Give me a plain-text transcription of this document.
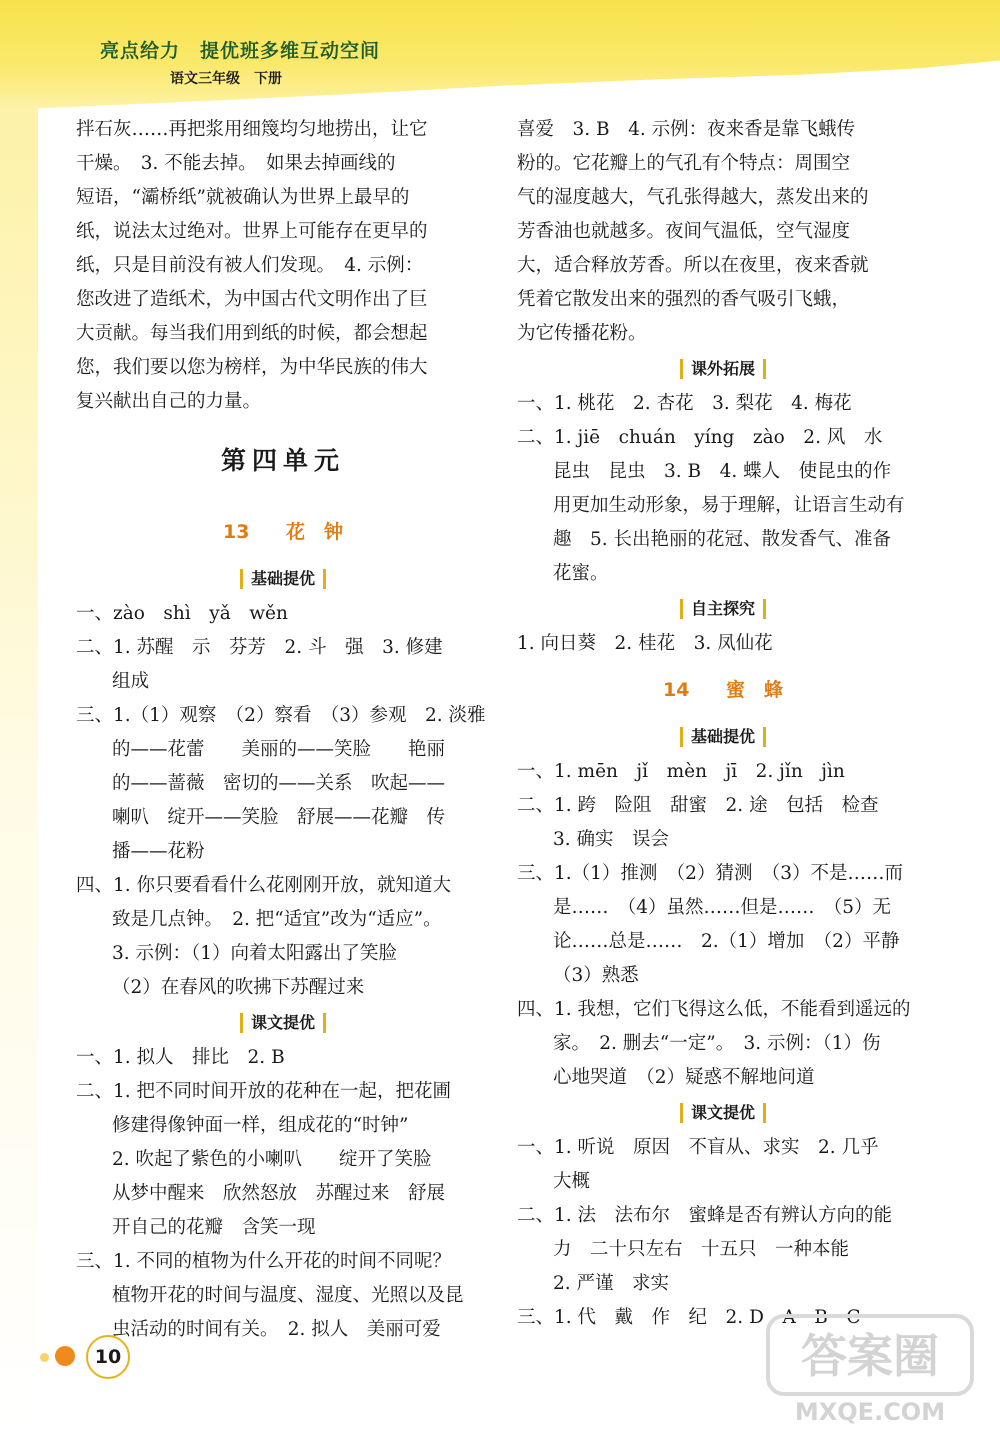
亮点给力　提优班多维互动空间
语文三年级　下册
拌石灰……再把浆用细篾均匀地捞出，让它
干燥。　3. 不能去掉。　如果去掉画线的
短语，“灞桥纸”就被确认为世界上最早的
纸，说法太过绝对。世界上可能存在更早的
纸，只是目前没有被人们发现。　4. 示例：
您改进了造纸术，为中国古代文明作出了巨
大贡献。每当我们用到纸的时候，都会想起
您，我们要以您为榜样，为中华民族的伟大
复兴献出自己的力量。
第四单元
13 花　钟
基础提优
一、zào　shì　yǎ　wěn
二、1. 苏醒　示　芬芳　2. 斗　强　3. 修建
组成
三、1.（1）观察　（2）察看　（3）参观　2. 淡雅
的——花蕾　　美丽的——笑脸　　艳丽
的——蔷薇　密切的——关系　吹起——
喇叭　绽开——笑脸　舒展——花瓣　传
播——花粉
四、1. 你只要看看什么花刚刚开放，就知道大
致是几点钟。　2. 把“适宜”改为“适应”。
3. 示例：（1）向着太阳露出了笑脸
（2）在春风的吹拂下苏醒过来
课文提优
一、1. 拟人　排比　2. B
二、1. 把不同时间开放的花种在一起，把花圃
修建得像钟面一样，组成花的“时钟”
2. 吹起了紫色的小喇叭　　绽开了笑脸
从梦中醒来　欣然怒放　苏醒过来　舒展
开自己的花瓣　含笑一现
三、1. 不同的植物为什么开花的时间不同呢？
植物开花的时间与温度、湿度、光照以及昆
虫活动的时间有关。　2. 拟人　美丽可爱
喜爱　3. B　4. 示例：夜来香是靠飞蛾传
粉的。它花瓣上的气孔有个特点：周围空
气的湿度越大，气孔张得越大，蒸发出来的
芳香油也就越多。夜间气温低，空气湿度
大，适合释放芳香。所以在夜里，夜来香就
凭着它散发出来的强烈的香气吸引飞蛾，
为它传播花粉。
课外拓展
一、1. 桃花　2. 杏花　3. 梨花　4. 梅花
二、1. jiē　chuán　yíng　zào　2. 风　水
昆虫　昆虫　3. B　4. 蝶人　使昆虫的作
用更加生动形象，易于理解，让语言生动有
趣　5. 长出艳丽的花冠、散发香气、准备
花蜜。
自主探究
1. 向日葵　2. 桂花　3. 凤仙花
14 蜜　蜂
基础提优
一、1. mēn　jǐ　mèn　jī　2. jǐn　jìn
二、1. 跨　险阻　甜蜜　2. 途　包括　检查
3. 确实　误会
三、1.（1）推测　（2）猜测　（3）不是……而
是……　（4）虽然……但是……　（5）无
论……总是……　2.（1）增加　（2）平静
（3）熟悉
四、1. 我想，它们飞得这么低，不能看到遥远的
家。　2. 删去“一定”。　3. 示例：（1）伤
心地哭道　（2）疑惑不解地问道
课文提优
一、1. 听说　原因　不盲从、求实　2. 几乎
大概
二、1. 法　法布尔　蜜蜂是否有辨认方向的能
力　二十只左右　十五只　一种本能
2. 严谨　求实
三、1. 代　戴　作　纪　2. D　A　B　C
10	答案圈
MXQE.COM
